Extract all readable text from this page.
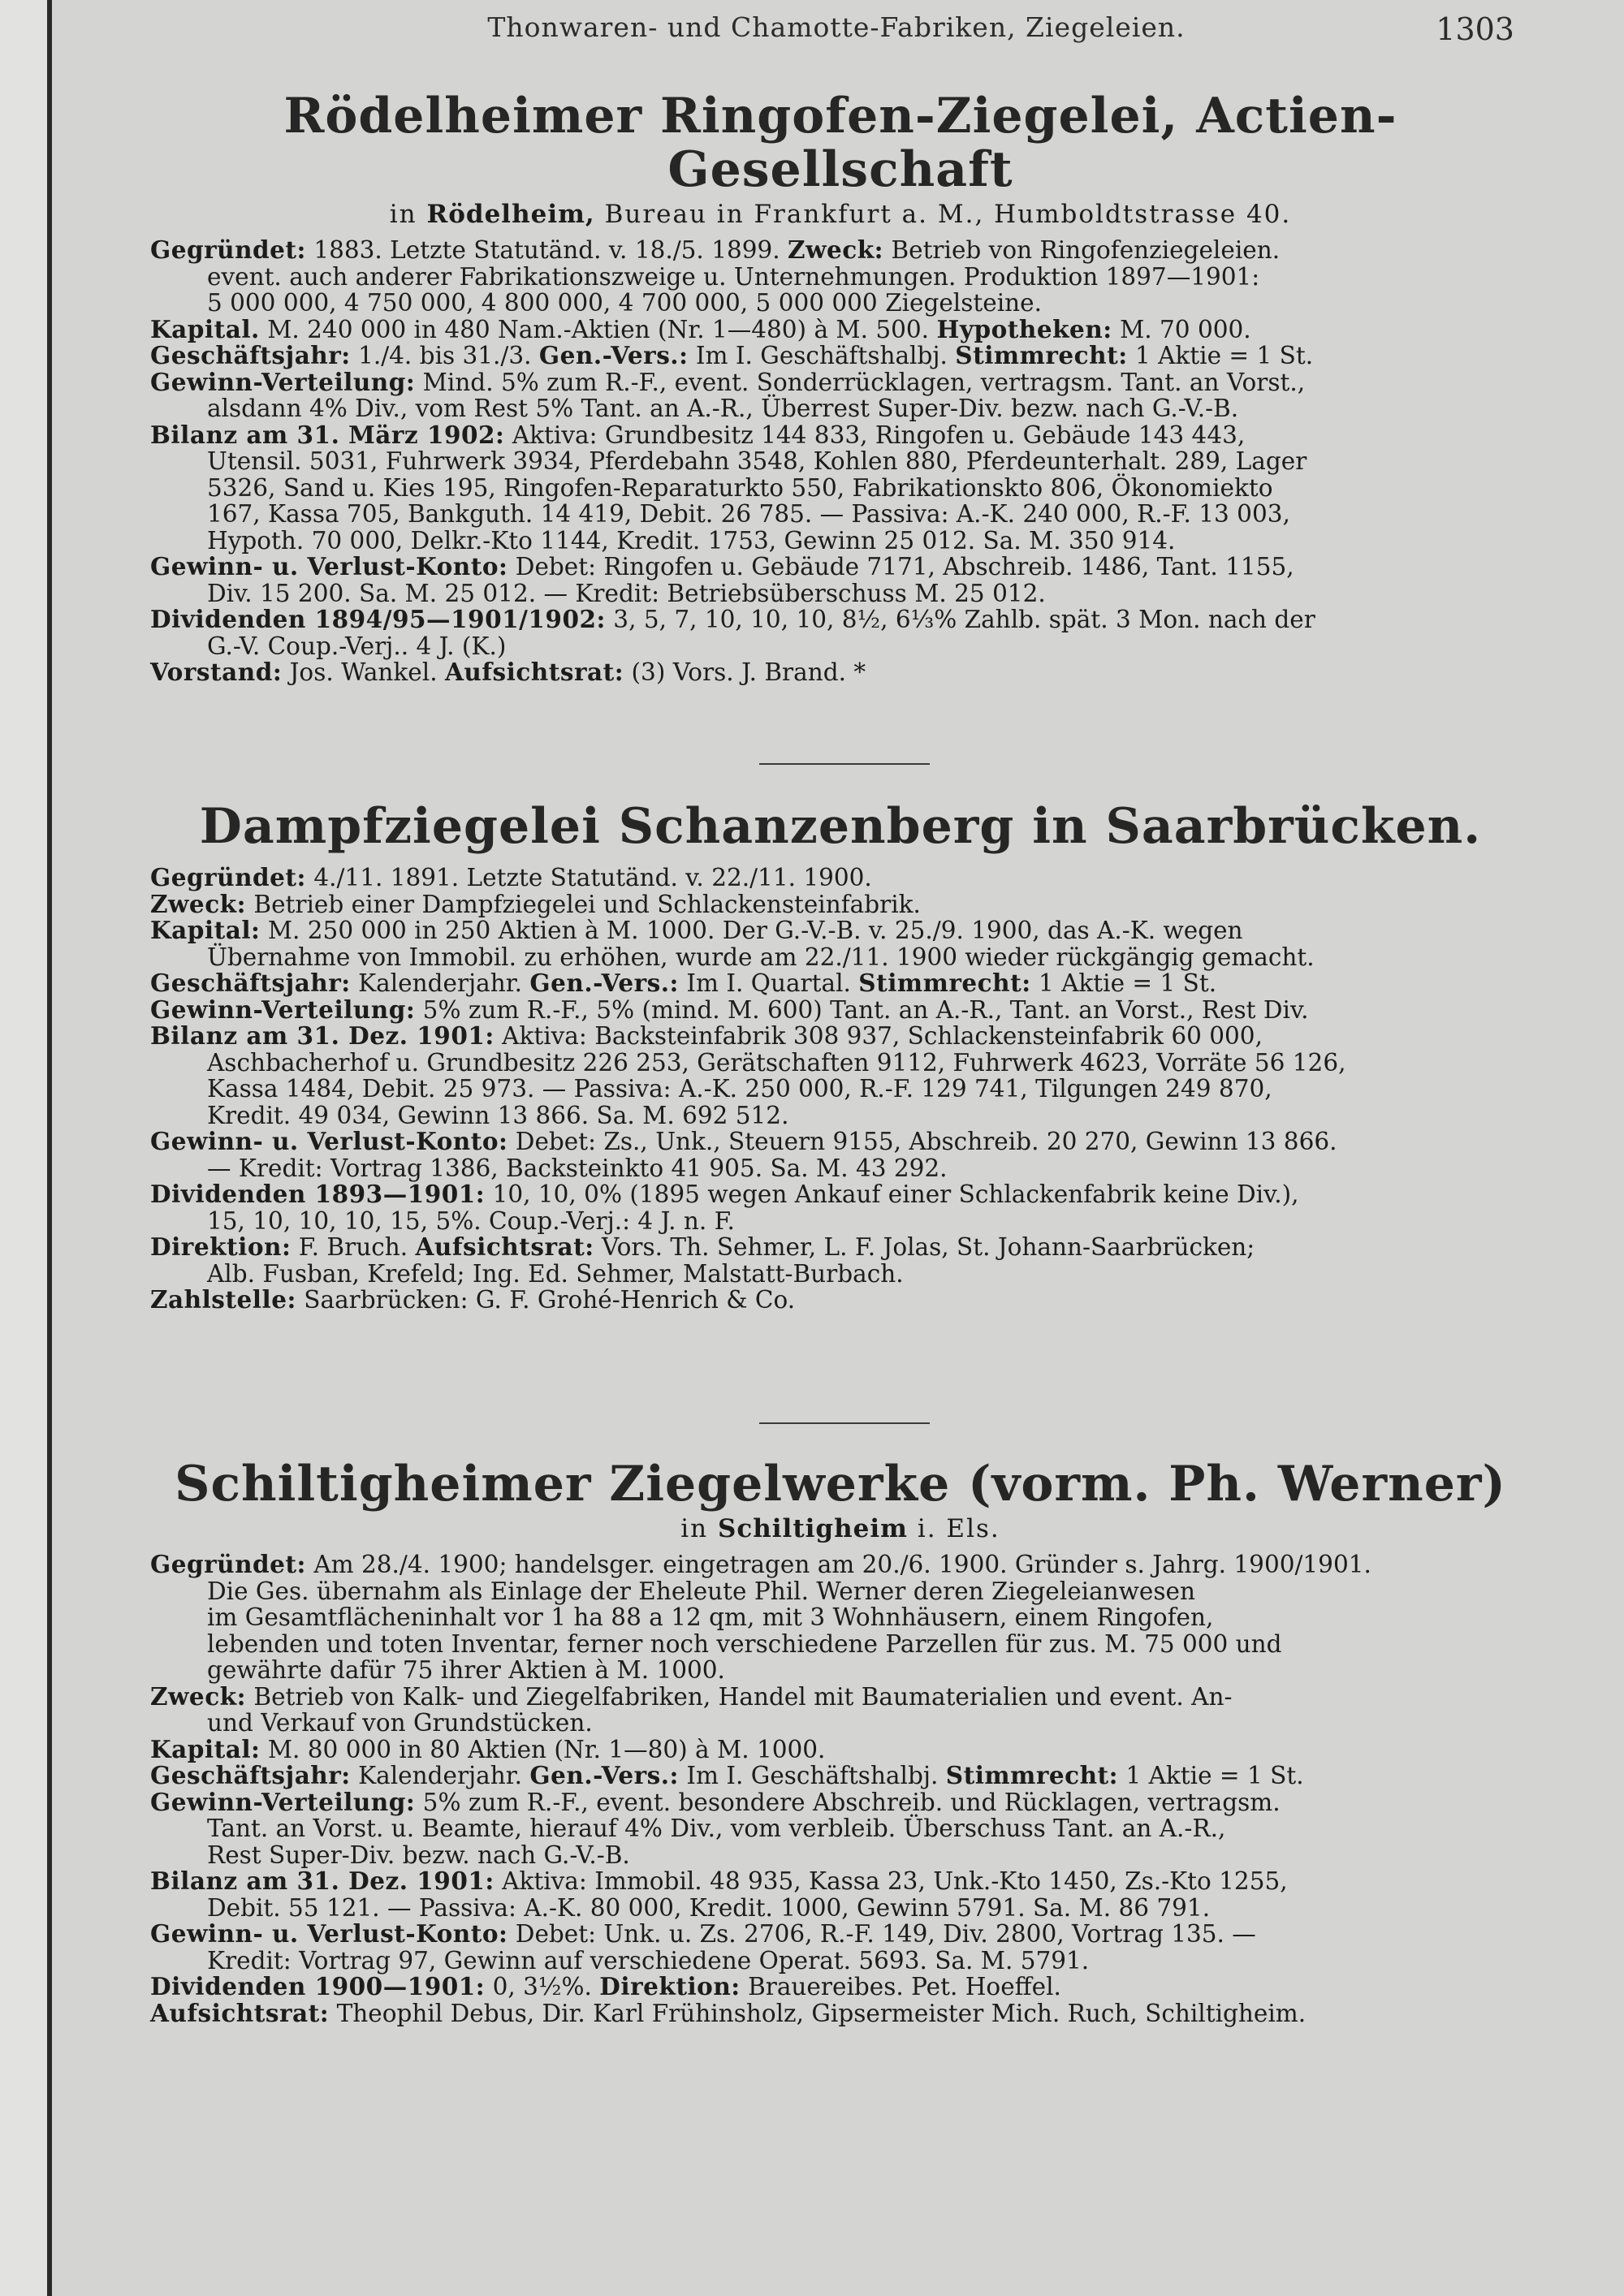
Thonwaren- und Chamotte-Fabriken, Ziegeleien.	1303
Rödelheimer Ringofen-Ziegelei, Actien-Gesellschaft
in Rödelheim, Bureau in Frankfurt a. M., Humboldtstrasse 40.

Gegründet: 1883. Letzte Statutänd. v. 18./5. 1899. Zweck: Betrieb von Ringofenziegeleien.
event. auch anderer Fabrikationszweige u. Unternehmungen. Produktion 1897—1901:
5 000 000, 4 750 000, 4 800 000, 4 700 000, 5 000 000 Ziegelsteine.

Kapital. M. 240 000 in 480 Nam.-Aktien (Nr. 1—480) à M. 500. Hypotheken: M. 70 000.

Geschäftsjahr: 1./4. bis 31./3. Gen.-Vers.: Im I. Geschäftshalbj. Stimmrecht: 1 Aktie = 1 St.

Gewinn-Verteilung: Mind. 5% zum R.-F., event. Sonderrücklagen, vertragsm. Tant. an Vorst.,
alsdann 4% Div., vom Rest 5% Tant. an A.-R., Überrest Super-Div. bezw. nach G.-V.-B.

Bilanz am 31. März 1902: Aktiva: Grundbesitz 144 833, Ringofen u. Gebäude 143 443,
Utensil. 5031, Fuhrwerk 3934, Pferdebahn 3548, Kohlen 880, Pferdeunterhalt. 289, Lager
5326, Sand u. Kies 195, Ringofen-Reparaturkto 550, Fabrikationskto 806, Ökonomiekto
167, Kassa 705, Bankguth. 14 419, Debit. 26 785. — Passiva: A.-K. 240 000, R.-F. 13 003,
Hypoth. 70 000, Delkr.-Kto 1144, Kredit. 1753, Gewinn 25 012. Sa. M. 350 914.

Gewinn- u. Verlust-Konto: Debet: Ringofen u. Gebäude 7171, Abschreib. 1486, Tant. 1155,
Div. 15 200. Sa. M. 25 012. — Kredit: Betriebsüberschuss M. 25 012.

Dividenden 1894/95—1901/1902: 3, 5, 7, 10, 10, 10, 8½, 6⅓% Zahlb. spät. 3 Mon. nach der
G.-V. Coup.-Verj.. 4 J. (K.)

Vorstand: Jos. Wankel. Aufsichtsrat: (3) Vors. J. Brand. *

Dampfziegelei Schanzenberg in Saarbrücken.

Gegründet: 4./11. 1891. Letzte Statutänd. v. 22./11. 1900.

Zweck: Betrieb einer Dampfziegelei und Schlackensteinfabrik.

Kapital: M. 250 000 in 250 Aktien à M. 1000. Der G.-V.-B. v. 25./9. 1900, das A.-K. wegen
Übernahme von Immobil. zu erhöhen, wurde am 22./11. 1900 wieder rückgängig gemacht.

Geschäftsjahr: Kalenderjahr. Gen.-Vers.: Im I. Quartal. Stimmrecht: 1 Aktie = 1 St.

Gewinn-Verteilung: 5% zum R.-F., 5% (mind. M. 600) Tant. an A.-R., Tant. an Vorst., Rest Div.

Bilanz am 31. Dez. 1901: Aktiva: Backsteinfabrik 308 937, Schlackensteinfabrik 60 000,
Aschbacherhof u. Grundbesitz 226 253, Gerätschaften 9112, Fuhrwerk 4623, Vorräte 56 126,
Kassa 1484, Debit. 25 973. — Passiva: A.-K. 250 000, R.-F. 129 741, Tilgungen 249 870,
Kredit. 49 034, Gewinn 13 866. Sa. M. 692 512.

Gewinn- u. Verlust-Konto: Debet: Zs., Unk., Steuern 9155, Abschreib. 20 270, Gewinn 13 866.
— Kredit: Vortrag 1386, Backsteinkto 41 905. Sa. M. 43 292.

Dividenden 1893—1901: 10, 10, 0% (1895 wegen Ankauf einer Schlackenfabrik keine Div.),
15, 10, 10, 10, 15, 5%. Coup.-Verj.: 4 J. n. F.

Direktion: F. Bruch. Aufsichtsrat: Vors. Th. Sehmer, L. F. Jolas, St. Johann-Saarbrücken;
Alb. Fusban, Krefeld; Ing. Ed. Sehmer, Malstatt-Burbach.

Zahlstelle: Saarbrücken: G. F. Grohé-Henrich & Co.

Schiltigheimer Ziegelwerke (vorm. Ph. Werner)
in Schiltigheim i. Els.

Gegründet: Am 28./4. 1900; handelsger. eingetragen am 20./6. 1900. Gründer s. Jahrg. 1900/1901.
Die Ges. übernahm als Einlage der Eheleute Phil. Werner deren Ziegeleianwesen
im Gesamtflächeninhalt vor 1 ha 88 a 12 qm, mit 3 Wohnhäusern, einem Ringofen,
lebenden und toten Inventar, ferner noch verschiedene Parzellen für zus. M. 75 000 und
gewährte dafür 75 ihrer Aktien à M. 1000.

Zweck: Betrieb von Kalk- und Ziegelfabriken, Handel mit Baumaterialien und event. An-
und Verkauf von Grundstücken.

Kapital: M. 80 000 in 80 Aktien (Nr. 1—80) à M. 1000.

Geschäftsjahr: Kalenderjahr. Gen.-Vers.: Im I. Geschäftshalbj. Stimmrecht: 1 Aktie = 1 St.

Gewinn-Verteilung: 5% zum R.-F., event. besondere Abschreib. und Rücklagen, vertragsm.
Tant. an Vorst. u. Beamte, hierauf 4% Div., vom verbleib. Überschuss Tant. an A.-R.,
Rest Super-Div. bezw. nach G.-V.-B.

Bilanz am 31. Dez. 1901: Aktiva: Immobil. 48 935, Kassa 23, Unk.-Kto 1450, Zs.-Kto 1255,
Debit. 55 121. — Passiva: A.-K. 80 000, Kredit. 1000, Gewinn 5791. Sa. M. 86 791.

Gewinn- u. Verlust-Konto: Debet: Unk. u. Zs. 2706, R.-F. 149, Div. 2800, Vortrag 135. —
Kredit: Vortrag 97, Gewinn auf verschiedene Operat. 5693. Sa. M. 5791.

Dividenden 1900—1901: 0, 3½%. Direktion: Brauereibes. Pet. Hoeffel.

Aufsichtsrat: Theophil Debus, Dir. Karl Frühinsholz, Gipsermeister Mich. Ruch, Schiltigheim.
